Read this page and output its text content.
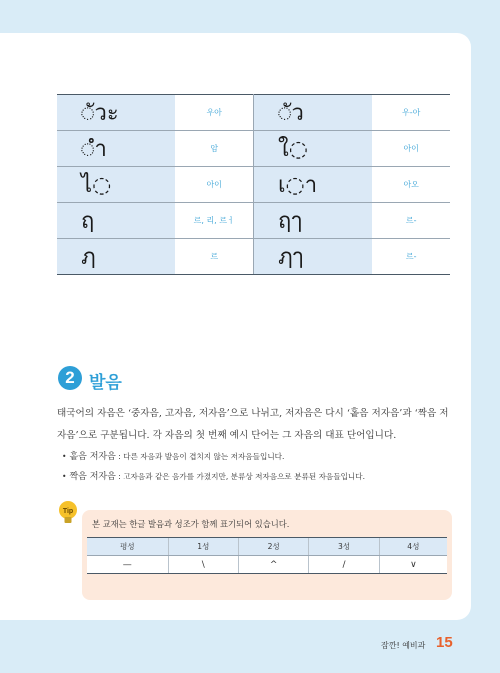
◌ัวะ	우아	◌ัว	우-아
◌ำ	암	ใ◌	아이
ไ◌	아이	เ◌า	아오
ฤ	르, 리, 르ㅓ	ฤๅ	르-
ฦ	르	ฦๅ	르-
2 발음

태국어의 자음은 ‘중자음, 고자음, 저자음’으로 나뉘고, 저자음은 다시 ‘홑음 저자음’과 ‘짝음 저자음’으로 구분됩니다. 각 자음의 첫 번째 예시 단어는 그 자음의 대표 단어입니다.

• 홑음 저자음 : 다른 자음과 발음이 겹치지 않는 저자음들입니다.
• 짝음 저자음 : 고자음과 같은 음가를 가졌지만, 분류상 저자음으로 분류된 자음들입니다.
본 교재는 한글 발음과 성조가 함께 표기되어 있습니다.
평성	1성	2성	3성	4성
—	\	^	/	∨
Tip
잠깐! 예비과 15
